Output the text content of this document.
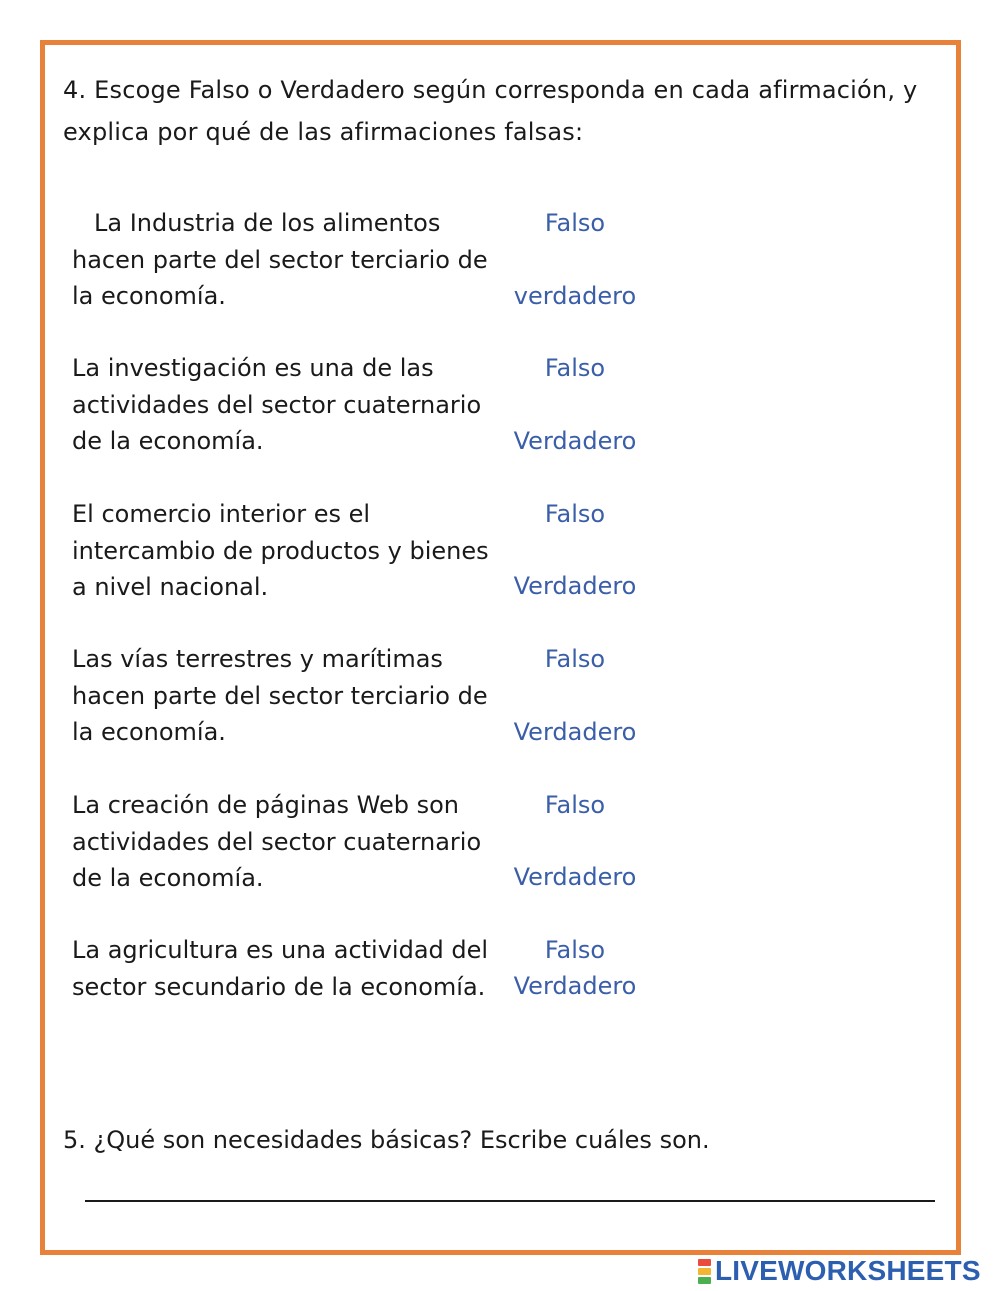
4. Escoge Falso o Verdadero según corresponda en cada afirmación, y explica por qué de las afirmaciones falsas:
La Industria de los alimentos hacen parte del sector terciario de la economía.
Falso
verdadero
La investigación es una de las actividades del sector cuaternario de la economía.
Falso
Verdadero
El comercio interior es el intercambio de productos y bienes a nivel nacional.
Falso
Verdadero
Las vías terrestres y marítimas hacen parte del sector terciario de la economía.
Falso
Verdadero
La creación de páginas Web son actividades del sector cuaternario de la economía.
Falso
Verdadero
La agricultura es una actividad del sector secundario de la economía.
Falso
Verdadero
5. ¿Qué son necesidades básicas? Escribe cuáles son.
LIVEWORKSHEETS
